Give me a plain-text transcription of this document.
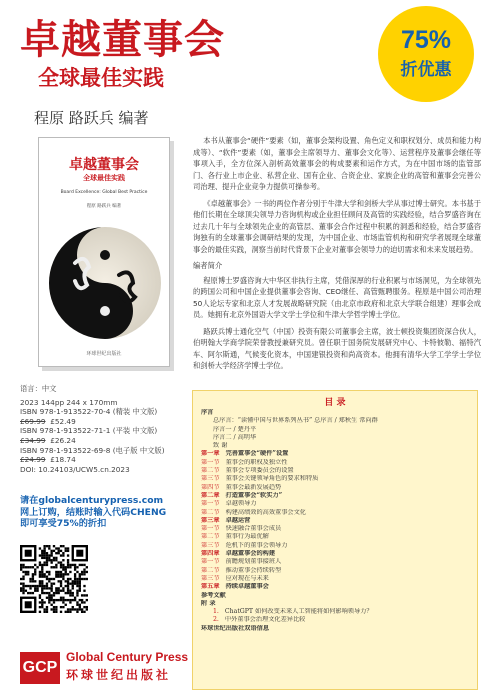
卓越董事会
全球最佳实践
75%
折优惠
程原 路跃兵 编著
卓越董事会
全球最佳实践
Board Excellence: Global Best Practice
程原 路跃兵 编著
环球世纪出版社

本书从董事会“硬件”要素（如，董事会架构设置、角色定义和职权划分、成员和能力构成等）、“软件”要素（如，董事会主席领导力、董事会文化等）、运营程序及董事会继任等事项入手，全方位深入剖析高效董事会的构成要素和运作方式，为在中国市场的监管部门、各行业上市企业、私营企业、国有企业、合资企业、家族企业的高管和董事会完善公司治理、提升企业竞争力提供可操参考。

《卓越董事会》一书的两位作者分别于牛津大学和剑桥大学从事过博士研究。本书基于他们长期在全球顶尖领导力咨询机构或企业担任顾问及高管的实践经验，结合罗盛咨询在过去几十年与全球领先企业的高管层、董事会合作过程中积累的洞悉和经验，结合罗盛咨询独有的全球董事会调研结果的发现，为中国企业、市场监管机构和研究学者展现全球董事会的最佳实践，洞察当前时代背景下企业对董事会领导力的迫切需求和未来发展趋势。

编者简介

程原博士罗盛咨询大中华区非执行主席，凭借深厚的行业积累与市场洞见，为全球领先的跨国公司和中国企业提供董事会咨询、CEO继任、高管甄聘服务。程原是中国公司治理50人论坛专家和北京人才发展战略研究院（由北京市政府和北京大学联合组建）理事会成员。她拥有北京外国语大学文学士学位和牛津大学哲学博士学位。

路跃兵博士通化空气（中国）投资有限公司董事会主席，波士顿投资集团资深合伙人，伯明翰大学商学院荣誉教授兼研究员。曾任职于国务院发展研究中心、卡特彼勒、福特汽车、阿尔斯通，气候变化资本，中国建银投资和尚高资本。他拥有清华大学工学学士学位和剑桥大学经济学博士学位。

语言：中文
2023 144pp 244 x 170mm
ISBN 978-1-913522-70-4 (精装 中文版)
£69.99 £52.49
ISBN 978-1-913522-71-1 (平装 中文版)
£34.99 £26.24
ISBN 978-1-913522-69-8 (电子版 中文版)
£24.99 £18.74
DOI: 10.24103/UCW5.cn.2023
请在globalcenturypress.com
网上订购，结账时输入代码CHENG
即可享受75%的折扣
GCP
Global Century Press
环球世纪出版社
目 录
序言
总序言：“读懂中国与世界系列丛书” 总序言 / 郑秋生 常向群
序言一 / 楚丹平
序言二 / 高明华
致 谢
第一章 完善董事会“硬件”设置
第一节 董事会的职权及独立性
第二节 董事会专项委员会的设置
第三节 董事会关键领导角色的要求和特质
第四节 董事会最新发展趋势
第二章 打造董事会“软实力”
第一节 卓越领导力
第二节 构建高绩效的高效董事会文化
第三章 卓越运营
第一节 快速融合董事会成员
第二节 董事行为最优解
第三节 危机下的董事会领导力
第四章 卓越董事会的构建
第一节 前瞻规划董事接班人
第二节 推动董事会持续转型
第三节 应对现在与未来
第五章 持续卓越董事会
参考文献
附 录
1. ChatGPT 如何改变未来人工智能将如何影响领导力？
2. 中外董事会治理文化差异比较
环球世纪出版社双语信息
